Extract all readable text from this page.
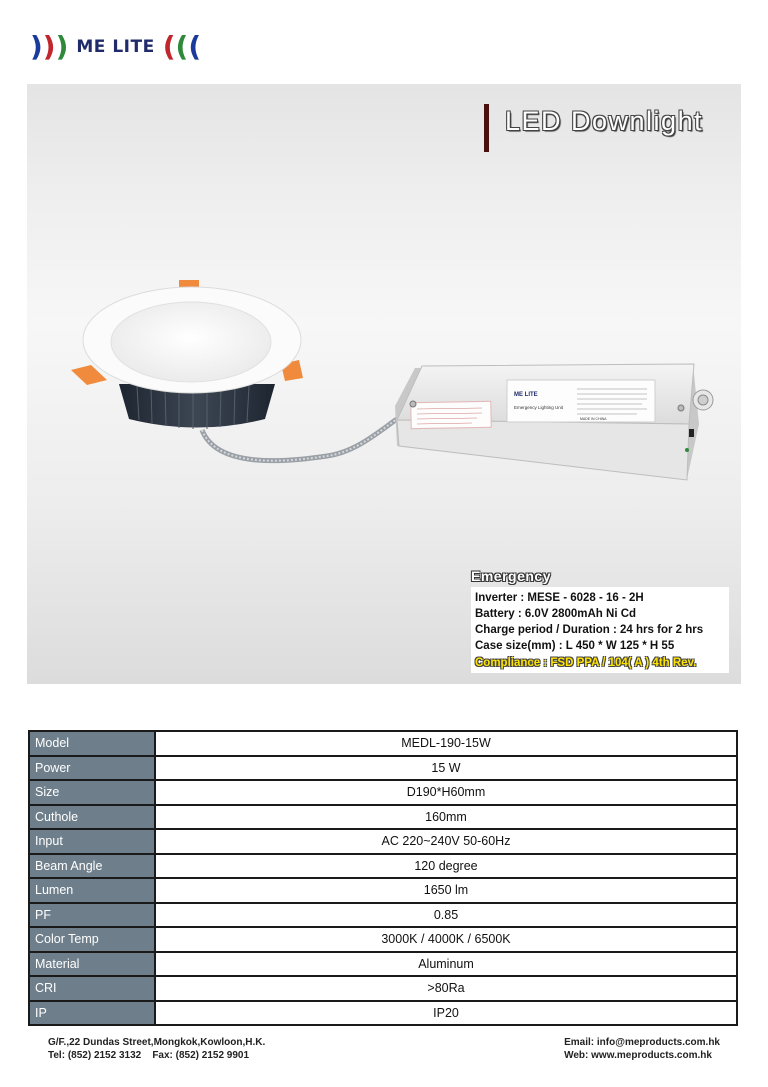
))) ME LITE (((
LED Downlight
ME LITE
Emergency Lighting Unit
MADE IN CHINA
Emergency
Inverter : MESE - 6028 - 16 - 2H
Battery : 6.0V 2800mAh Ni Cd
Charge period / Duration : 24 hrs for 2 hrs
Case size(mm) : L 450 * W 125 * H 55
Compliance : FSD PPA / 104( A ) 4th Rev.
Model	MEDL-190-15W
Power	15 W
Size	D190*H60mm
Cuthole	160mm
Input	AC 220~240V 50-60Hz
Beam Angle	120 degree
Lumen	1650 lm
PF	0.85
Color Temp	3000K / 4000K / 6500K
Material	Aluminum
CRI	>80Ra
IP	IP20
G/F.,22 Dundas Street,Mongkok,Kowloon,H.K.
Tel: (852) 2152 3132    Fax: (852) 2152 9901
Email: info@meproducts.com.hk
Web: www.meproducts.com.hk
